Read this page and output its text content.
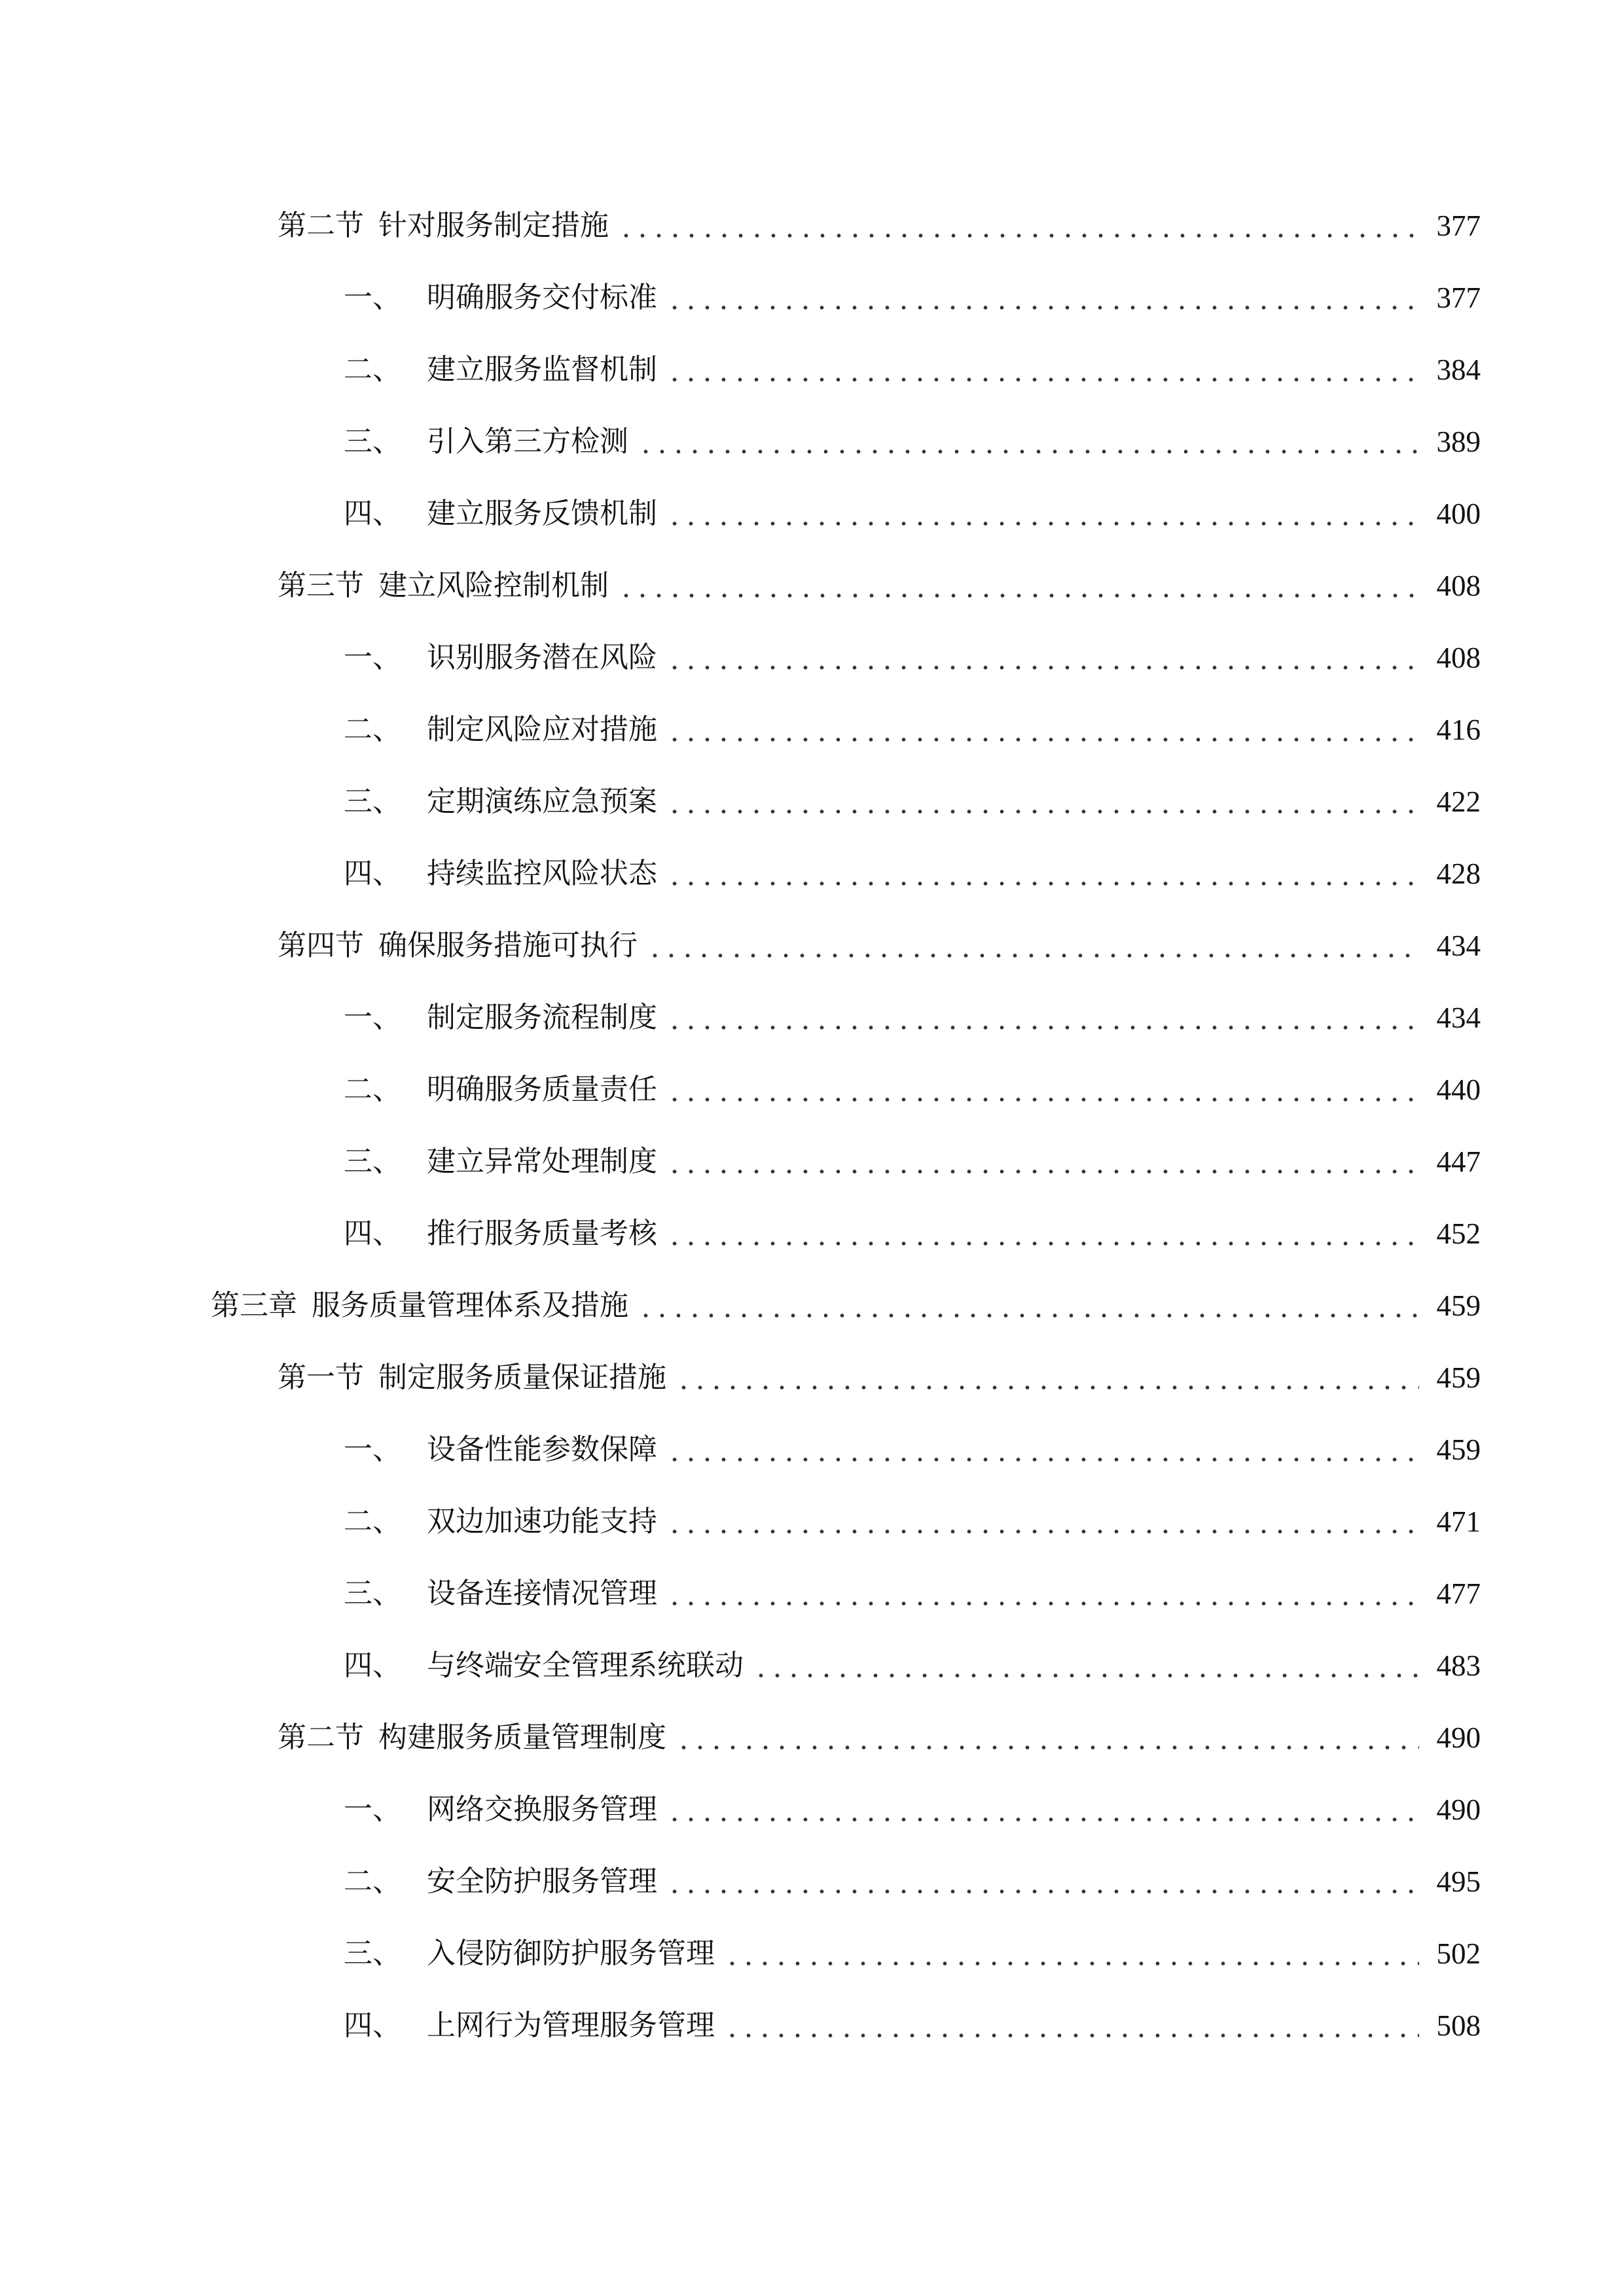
第二节 针对服务制定措施	377
一、 明确服务交付标准	377
二、 建立服务监督机制	384
三、 引入第三方检测	389
四、 建立服务反馈机制	400
第三节 建立风险控制机制	408
一、 识别服务潜在风险	408
二、 制定风险应对措施	416
三、 定期演练应急预案	422
四、 持续监控风险状态	428
第四节 确保服务措施可执行	434
一、 制定服务流程制度	434
二、 明确服务质量责任	440
三、 建立异常处理制度	447
四、 推行服务质量考核	452
第三章 服务质量管理体系及措施	459
第一节 制定服务质量保证措施	459
一、 设备性能参数保障	459
二、 双边加速功能支持	471
三、 设备连接情况管理	477
四、 与终端安全管理系统联动	483
第二节 构建服务质量管理制度	490
一、 网络交换服务管理	490
二、 安全防护服务管理	495
三、 入侵防御防护服务管理	502
四、 上网行为管理服务管理	508
